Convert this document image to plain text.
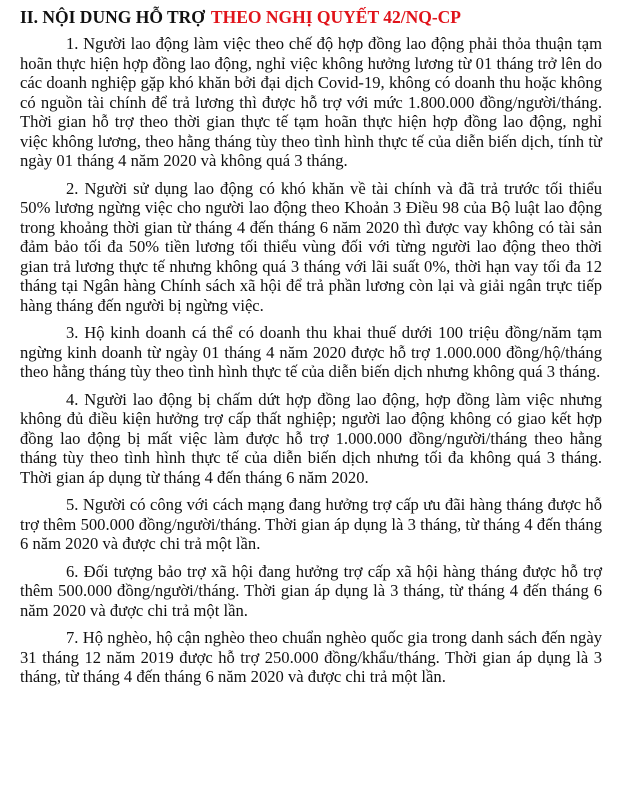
II. NỘI DUNG HỖ TRỢ THEO NGHỊ QUYẾT 42/NQ-CP

1. Người lao động làm việc theo chế độ hợp đồng lao động phải thỏa thuận tạm hoãn thực hiện hợp đồng lao động, nghỉ việc không hưởng lương từ 01 tháng trở lên do các doanh nghiệp gặp khó khăn bởi đại dịch Covid-19, không có doanh thu hoặc không có nguồn tài chính để trả lương thì được hỗ trợ với mức 1.800.000 đồng/người/tháng. Thời gian hỗ trợ theo thời gian thực tế tạm hoãn thực hiện hợp đồng lao động, nghỉ việc không lương, theo hằng tháng tùy theo tình hình thực tế của diễn biến dịch, tính từ ngày 01 tháng 4 năm 2020 và không quá 3 tháng.

2. Người sử dụng lao động có khó khăn về tài chính và đã trả trước tối thiểu 50% lương ngừng việc cho người lao động theo Khoản 3 Điều 98 của Bộ luật lao động trong khoảng thời gian từ tháng 4 đến tháng 6 năm 2020 thì được vay không có tài sản đảm bảo tối đa 50% tiền lương tối thiểu vùng đối với từng người lao động theo thời gian trả lương thực tế nhưng không quá 3 tháng với lãi suất 0%, thời hạn vay tối đa 12 tháng tại Ngân hàng Chính sách xã hội để trả phần lương còn lại và giải ngân trực tiếp hàng tháng đến người bị ngừng việc.

3. Hộ kinh doanh cá thể có doanh thu khai thuế dưới 100 triệu đồng/năm tạm ngừng kinh doanh từ ngày 01 tháng 4 năm 2020 được hỗ trợ 1.000.000 đồng/hộ/tháng theo hằng tháng tùy theo tình hình thực tế của diễn biến dịch nhưng không quá 3 tháng.

4. Người lao động bị chấm dứt hợp đồng lao động, hợp đồng làm việc nhưng không đủ điều kiện hưởng trợ cấp thất nghiệp; người lao động không có giao kết hợp đồng lao động bị mất việc làm được hỗ trợ 1.000.000 đồng/người/tháng theo hằng tháng tùy theo tình hình thực tế của diễn biến dịch nhưng tối đa không quá 3 tháng. Thời gian áp dụng từ tháng 4 đến tháng 6 năm 2020.

5. Người có công với cách mạng đang hưởng trợ cấp ưu đãi hàng tháng được hỗ trợ thêm 500.000 đồng/người/tháng. Thời gian áp dụng là 3 tháng, từ tháng 4 đến tháng 6 năm 2020 và được chi trả một lần.

6. Đối tượng bảo trợ xã hội đang hưởng trợ cấp xã hội hàng tháng được hỗ trợ thêm 500.000 đồng/người/tháng. Thời gian áp dụng là 3 tháng, từ tháng 4 đến tháng 6 năm 2020 và được chi trả một lần.

7. Hộ nghèo, hộ cận nghèo theo chuẩn nghèo quốc gia trong danh sách đến ngày 31 tháng 12 năm 2019 được hỗ trợ 250.000 đồng/khẩu/tháng. Thời gian áp dụng là 3 tháng, từ tháng 4 đến tháng 6 năm 2020 và được chi trả một lần.
